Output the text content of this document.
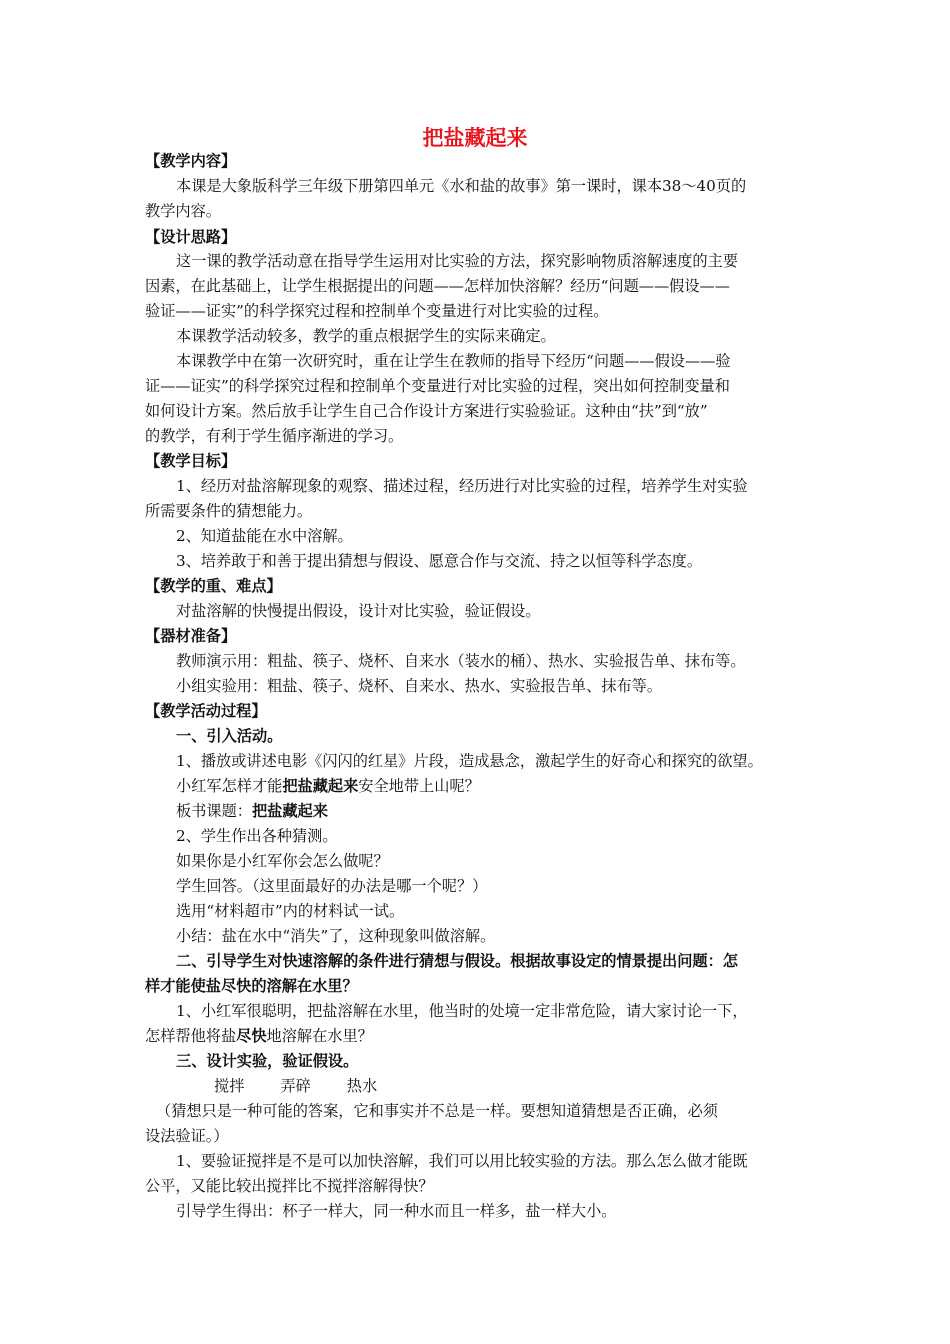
把盐藏起来
【教学内容】
本课是大象版科学三年级下册第四单元《水和盐的故事》第一课时，课本38～40页的
教学内容。
【设计思路】
这一课的教学活动意在指导学生运用对比实验的方法，探究影响物质溶解速度的主要
因素，在此基础上，让学生根据提出的问题——怎样加快溶解？经历“问题——假设——
验证——证实”的科学探究过程和控制单个变量进行对比实验的过程。
本课教学活动较多，教学的重点根据学生的实际来确定。
本课教学中在第一次研究时，重在让学生在教师的指导下经历“问题——假设——验
证——证实”的科学探究过程和控制单个变量进行对比实验的过程，突出如何控制变量和
如何设计方案。然后放手让学生自己合作设计方案进行实验验证。这种由“扶”到“放”
的教学，有利于学生循序渐进的学习。
【教学目标】
1、经历对盐溶解现象的观察、描述过程，经历进行对比实验的过程，培养学生对实验
所需要条件的猜想能力。
2、知道盐能在水中溶解。
3、培养敢于和善于提出猜想与假设、愿意合作与交流、持之以恒等科学态度。
【教学的重、难点】
对盐溶解的快慢提出假设，设计对比实验，验证假设。
【器材准备】
教师演示用：粗盐、筷子、烧杯、自来水（装水的桶）、热水、实验报告单、抹布等。
小组实验用：粗盐、筷子、烧杯、自来水、热水、实验报告单、抹布等。
【教学活动过程】
一、引入活动。
1、播放或讲述电影《闪闪的红星》片段，造成悬念，激起学生的好奇心和探究的欲望。
小红军怎样才能把盐藏起来安全地带上山呢？
板书课题：把盐藏起来
2、学生作出各种猜测。
如果你是小红军你会怎么做呢？
学生回答。（这里面最好的办法是哪一个呢？）
选用“材料超市”内的材料试一试。
小结：盐在水中“消失”了，这种现象叫做溶解。
二、引导学生对快速溶解的条件进行猜想与假设。根据故事设定的情景提出问题：怎
样才能使盐尽快的溶解在水里？
1、小红军很聪明，把盐溶解在水里，他当时的处境一定非常危险，请大家讨论一下，
怎样帮他将盐尽快地溶解在水里？
三、设计实验，验证假设。
搅拌 弄碎 热水
（猜想只是一种可能的答案，它和事实并不总是一样。要想知道猜想是否正确，必须
设法验证。）
1、要验证搅拌是不是可以加快溶解，我们可以用比较实验的方法。那么怎么做才能既
公平，又能比较出搅拌比不搅拌溶解得快？
引导学生得出：杯子一样大，同一种水而且一样多，盐一样大小。
